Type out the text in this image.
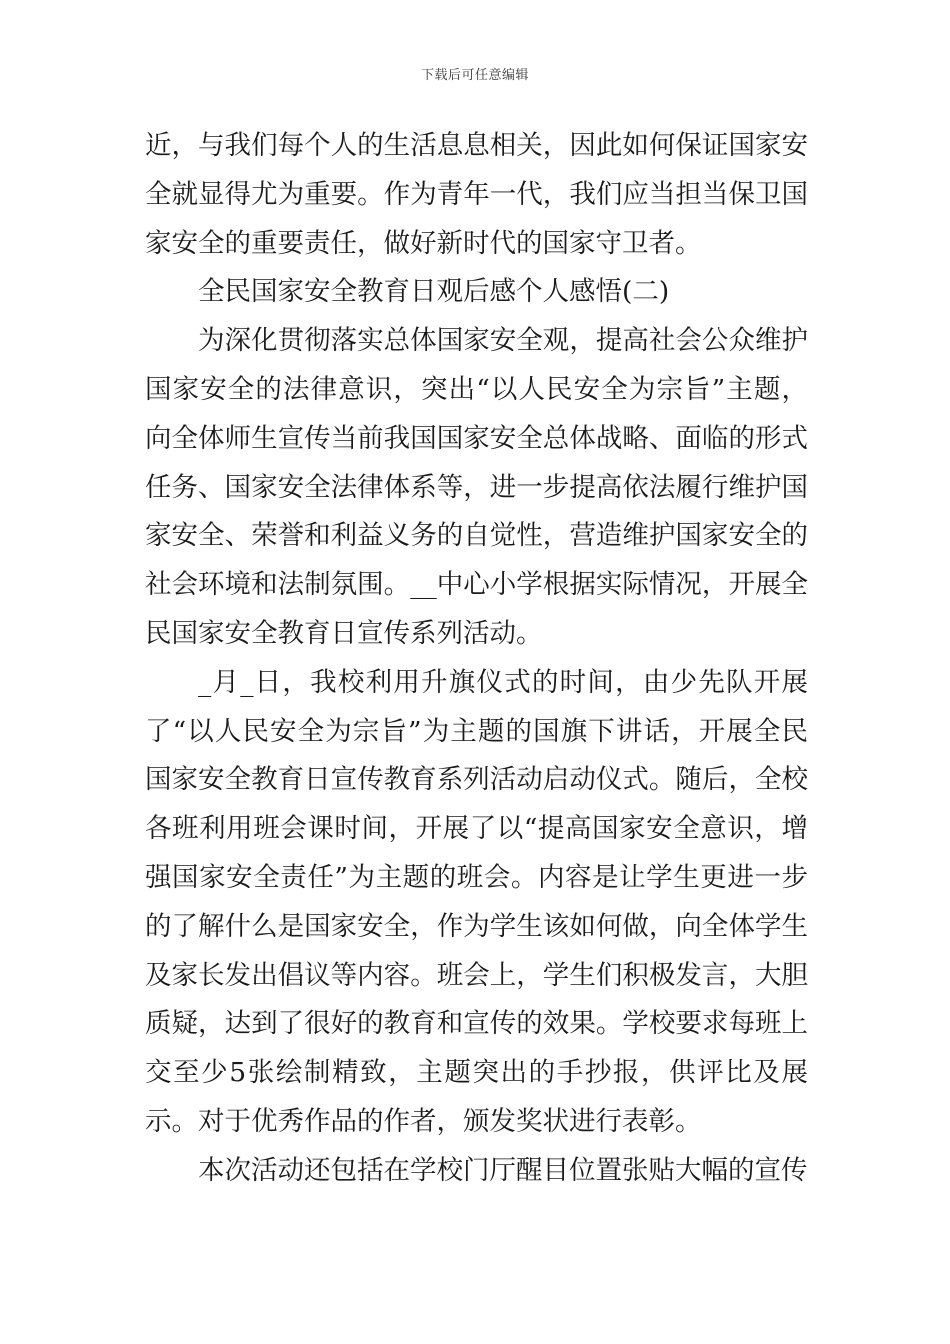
下载后可任意编辑

近，与我们每个人的生活息息相关，因此如何保证国家安全就显得尤为重要。作为青年一代，我们应当担当保卫国家安全的重要责任，做好新时代的国家守卫者。

全民国家安全教育日观后感个人感悟(二)

为深化贯彻落实总体国家安全观，提高社会公众维护国家安全的法律意识，突出“以人民安全为宗旨”主题，向全体师生宣传当前我国国家安全总体战略、面临的形式任务、国家安全法律体系等，进一步提高依法履行维护国家安全、荣誉和利益义务的自觉性，营造维护国家安全的社会环境和法制氛围。__中心小学根据实际情况，开展全民国家安全教育日宣传系列活动。

_月_日，我校利用升旗仪式的时间，由少先队开展了“以人民安全为宗旨”为主题的国旗下讲话，开展全民国家安全教育日宣传教育系列活动启动仪式。随后，全校各班利用班会课时间，开展了以“提高国家安全意识，增强国家安全责任”为主题的班会。内容是让学生更进一步的了解什么是国家安全，作为学生该如何做，向全体学生及家长发出倡议等内容。班会上，学生们积极发言，大胆质疑，达到了很好的教育和宣传的效果。学校要求每班上交至少5张绘制精致，主题突出的手抄报，供评比及展示。对于优秀作品的作者，颁发奖状进行表彰。

本次活动还包括在学校门厅醒目位置张贴大幅的宣传
